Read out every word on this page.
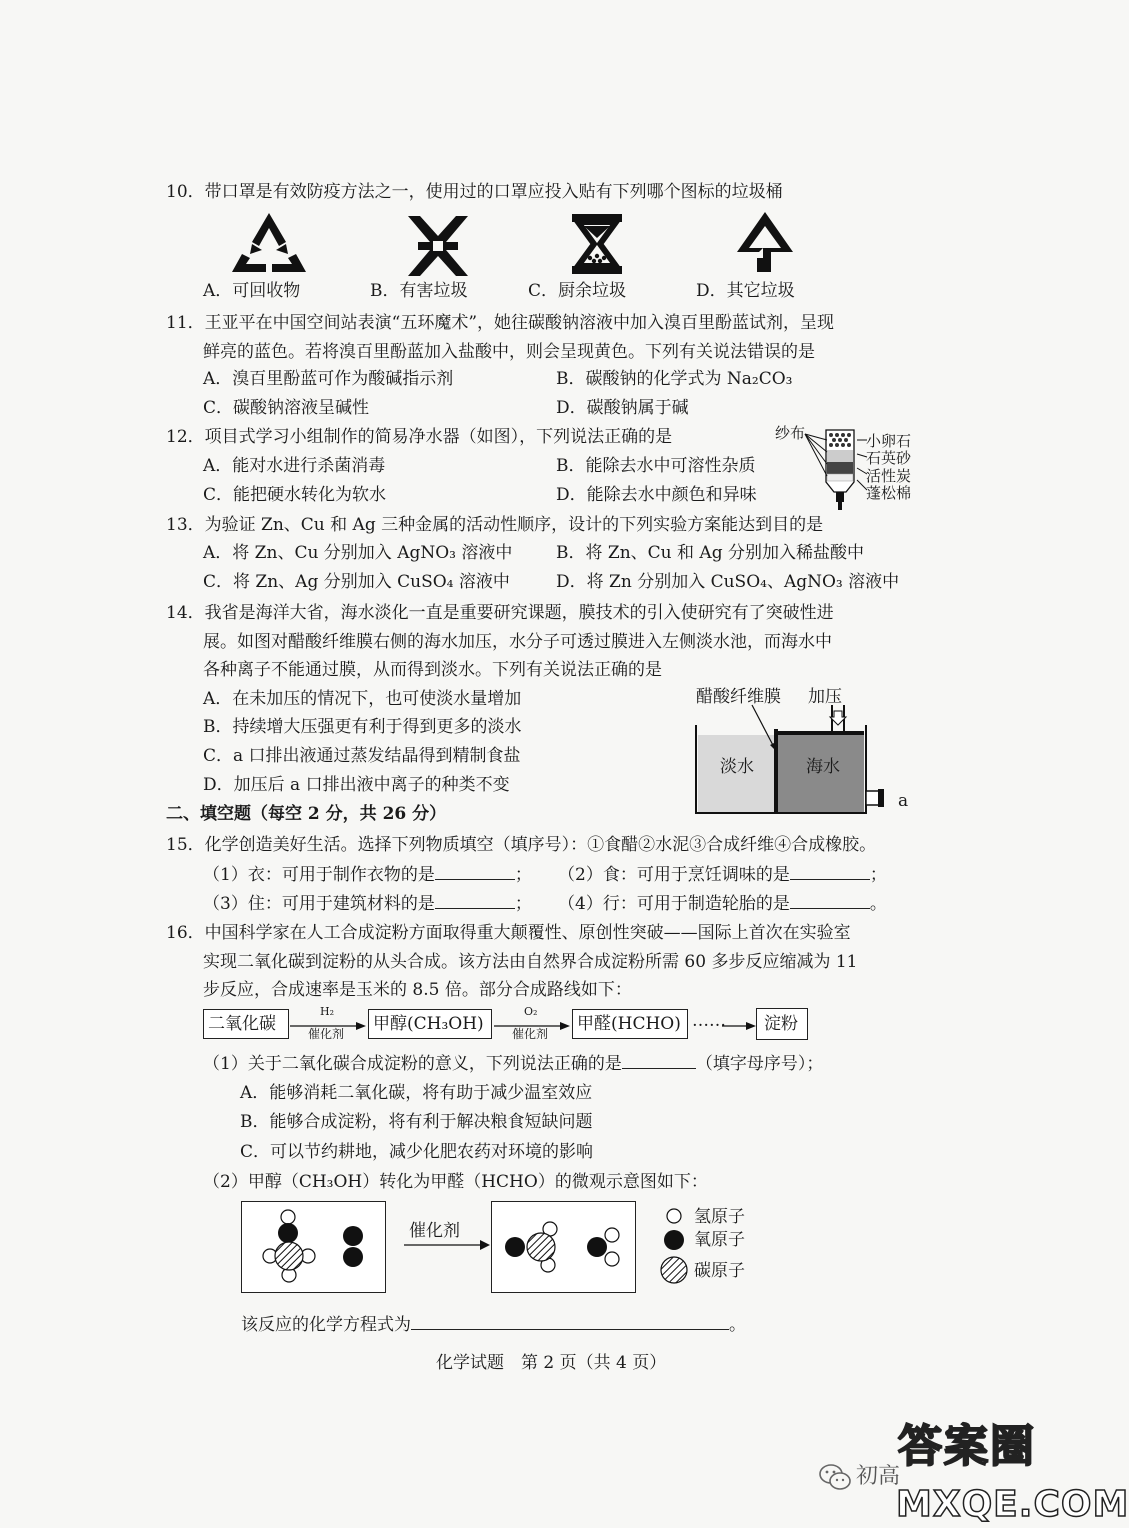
10．带口罩是有效防疫方法之一，使用过的口罩应投入贴有下列哪个图标的垃圾桶
A．可回收物	B．有害垃圾	C．厨余垃圾	D．其它垃圾
11．王亚平在中国空间站表演“五环魔术”，她往碳酸钠溶液中加入溴百里酚蓝试剂，呈现
鲜亮的蓝色。若将溴百里酚蓝加入盐酸中，则会呈现黄色。下列有关说法错误的是
A．溴百里酚蓝可作为酸碱指示剂	B．碳酸钠的化学式为 Na₂CO₃
C．碳酸钠溶液呈碱性	D．碳酸钠属于碱
12．项目式学习小组制作的简易净水器（如图），下列说法正确的是
A．能对水进行杀菌消毒	B．能除去水中可溶性杂质
C．能把硬水转化为软水	D．能除去水中颜色和异味
纱布	小卵石
石英砂
活性炭
蓬松棉
13．为验证 Zn、Cu 和 Ag 三种金属的活动性顺序，设计的下列实验方案能达到目的是
A．将 Zn、Cu 分别加入 AgNO₃ 溶液中	B．将 Zn、Cu 和 Ag 分别加入稀盐酸中
C．将 Zn、Ag 分别加入 CuSO₄ 溶液中	D．将 Zn 分别加入 CuSO₄、AgNO₃ 溶液中
14．我省是海洋大省，海水淡化一直是重要研究课题，膜技术的引入使研究有了突破性进
展。如图对醋酸纤维膜右侧的海水加压，水分子可透过膜进入左侧淡水池，而海水中
各种离子不能通过膜，从而得到淡水。下列有关说法正确的是
A．在未加压的情况下，也可使淡水量增加
B．持续增大压强更有利于得到更多的淡水
C．a 口排出液通过蒸发结晶得到精制食盐
D．加压后 a 口排出液中离子的种类不变
醋酸纤维膜 加压
淡水	海水
a
二、填空题（每空 2 分，共 26 分）
15．化学创造美好生活。选择下列物质填空（填序号）：①食醋②水泥③合成纤维④合成橡胶。
（1）衣：可用于制作衣物的是	； （2）食：可用于烹饪调味的是	；
（3）住：可用于建筑材料的是	； （4）行：可用于制造轮胎的是	。
16．中国科学家在人工合成淀粉方面取得重大颠覆性、原创性突破——国际上首次在实验室
实现二氧化碳到淀粉的从头合成。该方法由自然界合成淀粉所需 60 多步反应缩减为 11
步反应，合成速率是玉米的 8.5 倍。部分合成路线如下：
二氧化碳
H₂
催化剂 甲醇(CH₃OH)
O₂
催化剂 甲醛(HCHO) …… 淀粉
（1）关于二氧化碳合成淀粉的意义，下列说法正确的是	（填字母序号）；
A．能够消耗二氧化碳，将有助于减少温室效应
B．能够合成淀粉，将有利于解决粮食短缺问题
C．可以节约耕地，减少化肥农药对环境的影响
（2）甲醇（CH₃OH）转化为甲醛（HCHO）的微观示意图如下：
催化剂
氢原子
氧原子
碳原子
该反应的化学方程式为	。
化学试题　第 2 页（共 4 页）
初高
答案圈
MXQE.COM
